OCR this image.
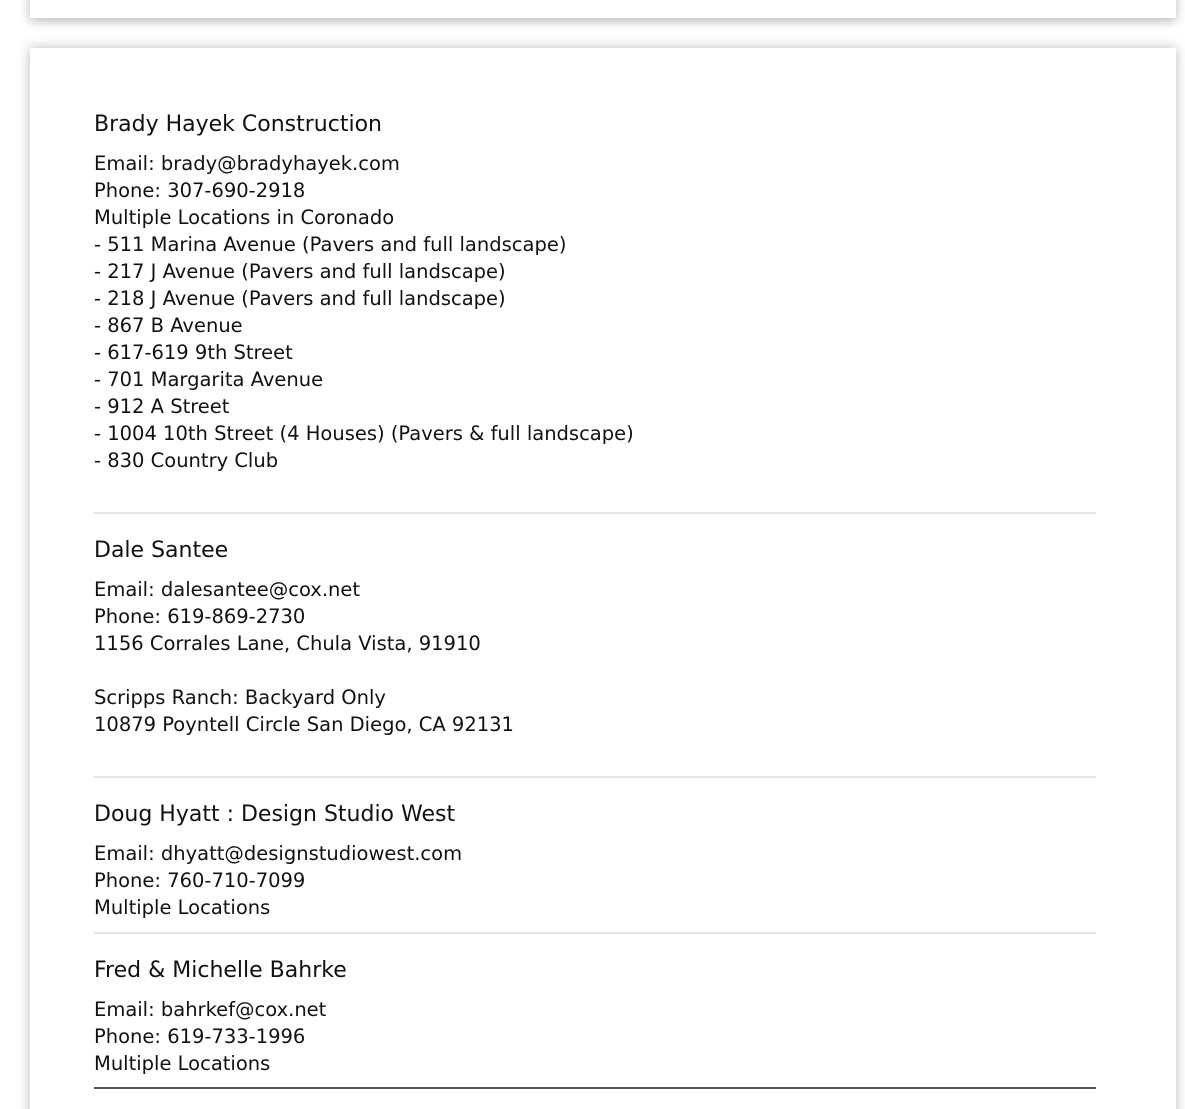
Brady Hayek Construction
Email: brady@bradyhayek.com
Phone: 307-690-2918
Multiple Locations in Coronado
- 511 Marina Avenue (Pavers and full landscape)
- 217 J Avenue (Pavers and full landscape)
- 218 J Avenue (Pavers and full landscape)
- 867 B Avenue
- 617-619 9th Street
- 701 Margarita Avenue
- 912 A Street
- 1004 10th Street (4 Houses) (Pavers & full landscape)
- 830 Country Club
Dale Santee
Email: dalesantee@cox.net
Phone: 619-869-2730
1156 Corrales Lane, Chula Vista, 91910
Scripps Ranch: Backyard Only
10879 Poyntell Circle San Diego, CA 92131
Doug Hyatt : Design Studio West
Email: dhyatt@designstudiowest.com
Phone: 760-710-7099
Multiple Locations
Fred & Michelle Bahrke
Email: bahrkef@cox.net
Phone: 619-733-1996
Multiple Locations
